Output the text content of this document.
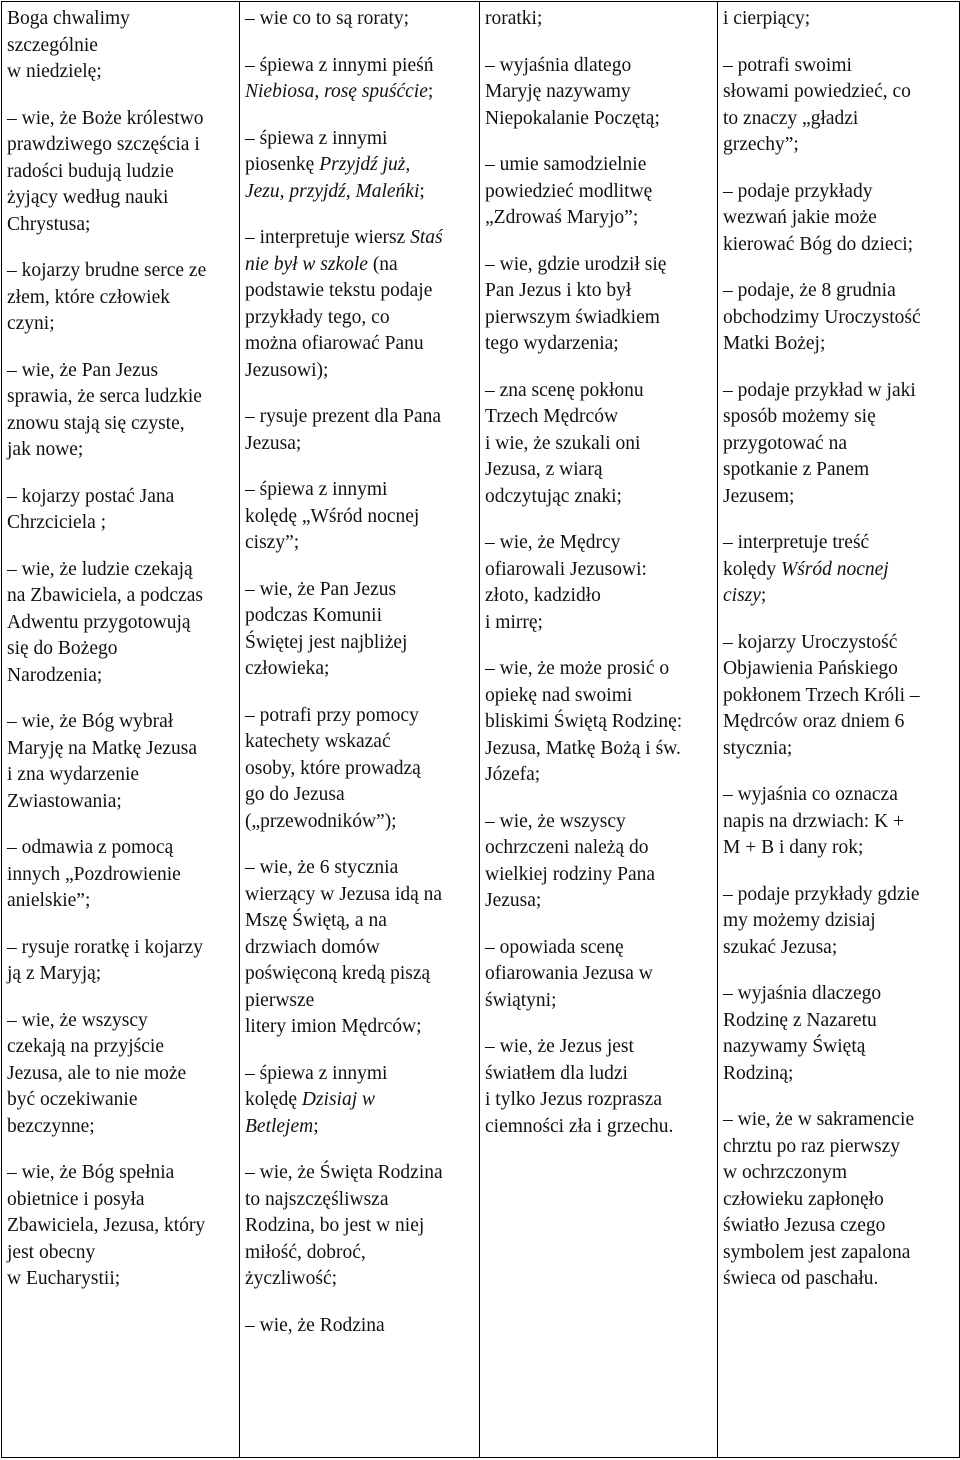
Boga chwalimy
szczególnie
w niedzielę;
– wie, że Boże królestwo
prawdziwego szczęścia i
radości budują ludzie
żyjący według nauki
Chrystusa;
– kojarzy brudne serce ze
złem, które człowiek
czyni;
– wie, że Pan Jezus
sprawia, że serca ludzkie
znowu stają się czyste,
jak nowe;
– kojarzy postać Jana
Chrzciciela ;
– wie, że ludzie czekają
na Zbawiciela, a podczas
Adwentu przygotowują
się do Bożego
Narodzenia;
– wie, że Bóg wybrał
Maryję na Matkę Jezusa
i zna wydarzenie
Zwiastowania;
– odmawia z pomocą
innych „Pozdrowienie
anielskie”;
– rysuje roratkę i kojarzy
ją z Maryją;
– wie, że wszyscy
czekają na przyjście
Jezusa, ale to nie może
być oczekiwanie
bezczynne;
– wie, że Bóg spełnia
obietnice i posyła
Zbawiciela, Jezusa, który
jest obecny
w Eucharystii;

– wie co to są roraty;
– śpiewa z innymi pieśń
Niebiosa, rosę spuśćcie;
– śpiewa z innymi
piosenkę Przyjdź już,
Jezu, przyjdź, Maleńki;
– interpretuje wiersz Staś
nie był w szkole (na
podstawie tekstu podaje
przykłady tego, co
można ofiarować Panu
Jezusowi);
– rysuje prezent dla Pana
Jezusa;
– śpiewa z innymi
kolędę „Wśród nocnej
ciszy”;
– wie, że Pan Jezus
podczas Komunii
Świętej jest najbliżej
człowieka;
– potrafi przy pomocy
katechety wskazać
osoby, które prowadzą
go do Jezusa
(„przewodników”);
– wie, że 6 stycznia
wierzący w Jezusa idą na
Mszę Świętą, a na
drzwiach domów
poświęconą kredą piszą
pierwsze
litery imion Mędrców;
– śpiewa z innymi
kolędę Dzisiaj w
Betlejem;
– wie, że Święta Rodzina
to najszczęśliwsza
Rodzina, bo jest w niej
miłość, dobroć,
życzliwość;
– wie, że Rodzina

roratki;
– wyjaśnia dlatego
Maryję nazywamy
Niepokalanie Poczętą;
– umie samodzielnie
powiedzieć modlitwę
„Zdrowaś Maryjo”;
– wie, gdzie urodził się
Pan Jezus i kto był
pierwszym świadkiem
tego wydarzenia;
– zna scenę pokłonu
Trzech Mędrców
i wie, że szukali oni
Jezusa, z wiarą
odczytując znaki;
– wie, że Mędrcy
ofiarowali Jezusowi:
złoto, kadzidło
i mirrę;
– wie, że może prosić o
opiekę nad swoimi
bliskimi Świętą Rodzinę:
Jezusa, Matkę Bożą i św.
Józefa;
– wie, że wszyscy
ochrzczeni należą do
wielkiej rodziny Pana
Jezusa;
– opowiada scenę
ofiarowania Jezusa w
świątyni;
– wie, że Jezus jest
światłem dla ludzi
i tylko Jezus rozprasza
ciemności zła i grzechu.

i cierpiący;
– potrafi swoimi
słowami powiedzieć, co
to znaczy „gładzi
grzechy”;
– podaje przykłady
wezwań jakie może
kierować Bóg do dzieci;
– podaje, że 8 grudnia
obchodzimy Uroczystość
Matki Bożej;
– podaje przykład w jaki
sposób możemy się
przygotować na
spotkanie z Panem
Jezusem;
– interpretuje treść
kolędy Wśród nocnej
ciszy;
– kojarzy Uroczystość
Objawienia Pańskiego
pokłonem Trzech Króli –
Mędrców oraz dniem 6
stycznia;
– wyjaśnia co oznacza
napis na drzwiach: K +
M + B i dany rok;
– podaje przykłady gdzie
my możemy dzisiaj
szukać Jezusa;
– wyjaśnia dlaczego
Rodzinę z Nazaretu
nazywamy Świętą
Rodziną;
– wie, że w sakramencie
chrztu po raz pierwszy
w ochrzczonym
człowieku zapłonęło
światło Jezusa czego
symbolem jest zapalona
świeca od paschału.
